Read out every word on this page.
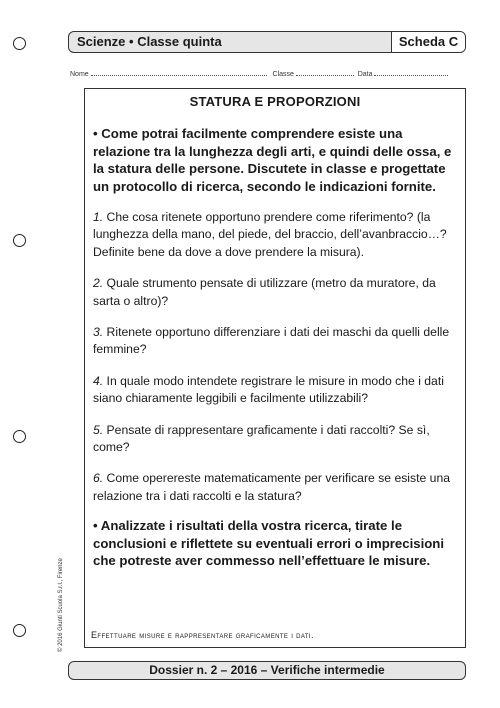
Scienze • Classe quinta	Scheda C
Nome	Classe	Data
STATURA E PROPORZIONI

• Come potrai facilmente comprendere esiste una relazione tra la lunghezza degli arti, e quindi delle ossa, e la statura delle persone. Discutete in classe e progettate un protocollo di ricerca, secondo le indicazioni fornite.

1. Che cosa ritenete opportuno prendere come riferimento? (la lunghezza della mano, del piede, del braccio, dell’avanbraccio…? Definite bene da dove a dove prendere la misura).

2. Quale strumento pensate di utilizzare (metro da muratore, da sarta o altro)?

3. Ritenete opportuno differenziare i dati dei maschi da quelli delle femmine?

4. In quale modo intendete registrare le misure in modo che i dati siano chiaramente leggibili e facilmente utilizzabili?

5. Pensate di rappresentare graficamente i dati raccolti? Se sì, come?

6. Come operereste matematicamente per verificare se esiste una relazione tra i dati raccolti e la statura?

• Analizzate i risultati della vostra ricerca, tirate le conclusioni e riflettete su eventuali errori o imprecisioni che potreste aver commesso nell’effettuare le misure.

Effettuare misure e rappresentare graficamente i dati.
© 2016 Giunti Scuola S.r.l., Firenze
Dossier n. 2 – 2016 – Verifiche intermedie
